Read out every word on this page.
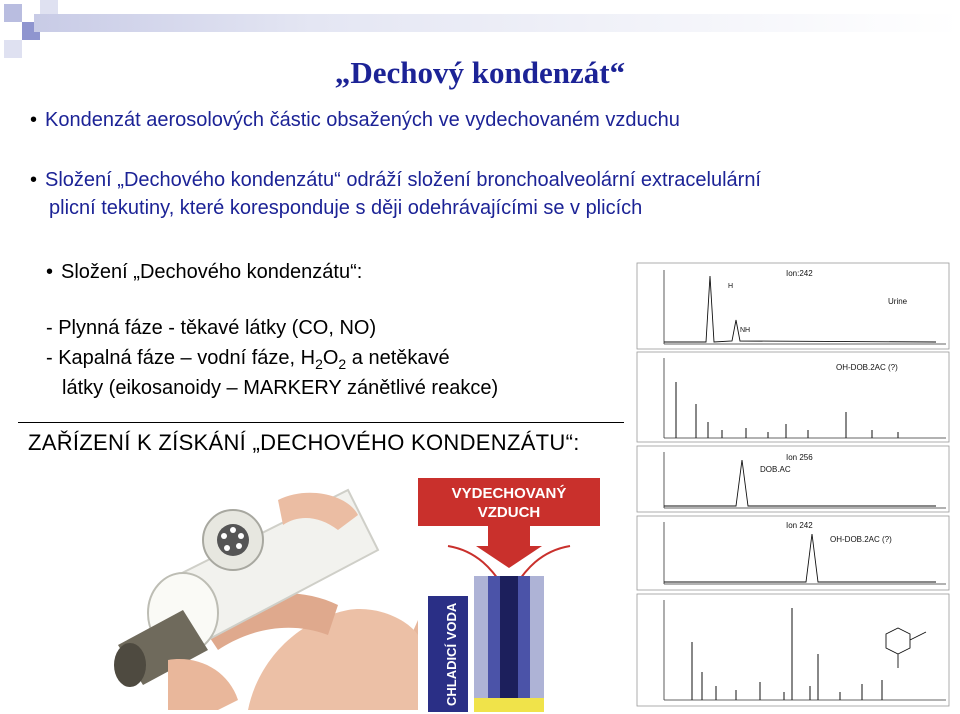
„Dechový kondenzát“
• Kondenzát aerosolových částic obsažených ve vydechovaném vzduchu
• Složení „Dechového kondenzátu“ odráží složení bronchoalveolární extracelulární
plicní tekutiny, které koresponduje s ději odehrávajícími se v plicích
• Složení „Dechového kondenzátu“:
- Plynná fáze - těkavé látky (CO, NO)
- Kapalná fáze – vodní fáze, $H_2O_2$ a netěkavé
látky (eikosanoidy – MARKERY zánětlivé reakce)
ZAŘÍZENÍ K ZÍSKÁNÍ „DECHOVÉHO KONDENZÁTU“:
VYDECHOVANÝ
VZDUCH
CHLADICÍ VODA
Ion:242
Urine
H
NH
OH-DOB.2AC (?)
Ion 256
DOB.AC
Ion 242
OH-DOB.2AC (?)
